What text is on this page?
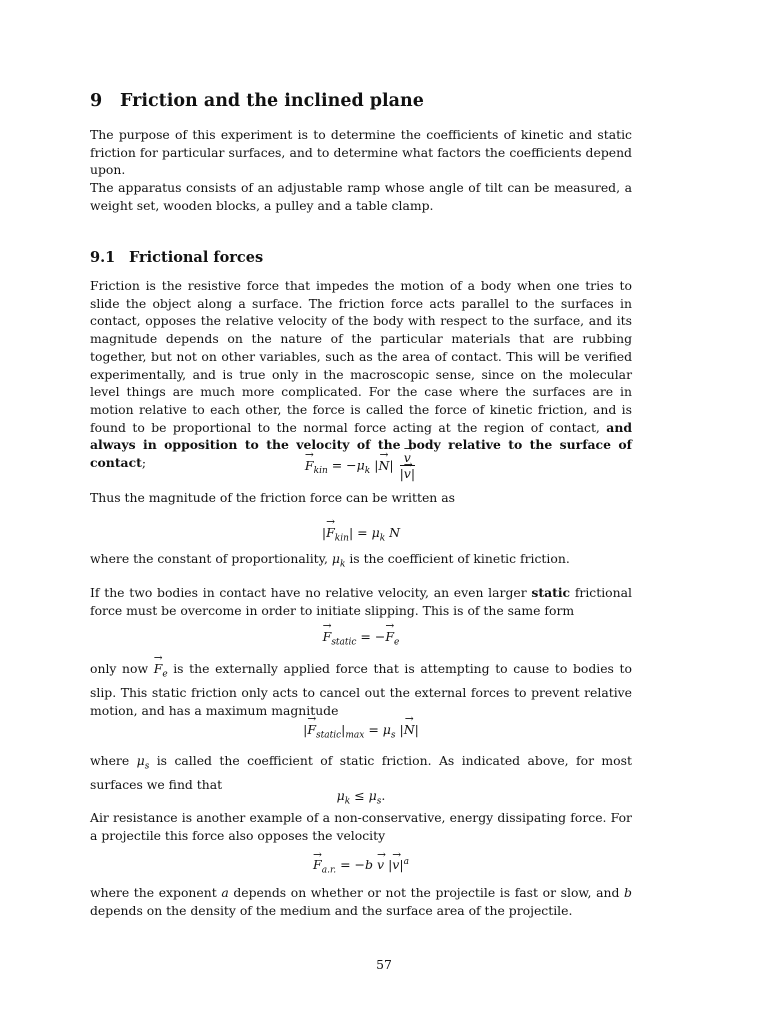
9 Friction and the inclined plane

The purpose of this experiment is to determine the coefficients of kinetic and static friction for particular surfaces, and to determine what factors the coefficients depend upon.

The apparatus consists of an adjustable ramp whose angle of tilt can be measured, a weight set, wooden blocks, a pulley and a table clamp.

9.1 Frictional forces

Friction is the resistive force that impedes the motion of a body when one tries to slide the object along a surface. The friction force acts parallel to the surfaces in contact, opposes the relative velocity of the body with respect to the surface, and its magnitude depends on the nature of the particular materials that are rubbing together, but not on other variables, such as the area of contact. This will be verified experimentally, and is true only in the macroscopic sense, since on the molecular level things are much more complicated. For the case where the surfaces are in motion relative to each other, the force is called the force of kinetic friction, and is found to be proportional to the normal force acting at the region of contact, and always in opposition to the velocity of the body relative to the surface of contact;

→	$F_{kin} = -\mu_k$ |→ N|
→ $\frac{v}{|\to v|}$

Thus the magnitude of the friction force can be written as

|→ $F_{kin}| = \mu_k$ N

where the constant of proportionality, $\mu_k$ is the coefficient of kinetic friction.

If the two bodies in contact have no relative velocity, an even larger static frictional force must be overcome in order to initiate slipping. This is of the same form

→ $F_{static}$ = −→ $F_e$

only now → $F_e$ is the externally applied force that is attempting to cause to bodies to slip. This static friction only acts to cancel out the external forces to prevent relative motion, and has a maximum magnitude

|→ $F_{static}|_{max} = \mu_s$ |→ N|

where $\mu_s$ is called the coefficient of static friction. As indicated above, for most surfaces we find that

$\mu_k \le \mu_s$.

Air resistance is another example of a non-conservative, energy dissipating force. For a projectile this force also opposes the velocity

→ $F_{a.r.} = -b \to v$ |→ $v|^a$

where the exponent a depends on whether or not the projectile is fast or slow, and b depends on the density of the medium and the surface area of the projectile.

57
